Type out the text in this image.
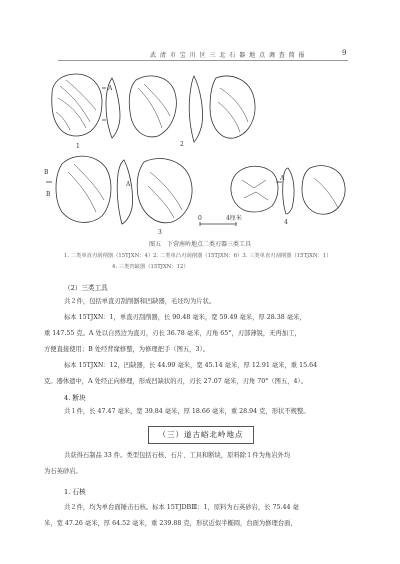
武 清 市 宝 川 区 三 北 石 器 地 点 调 查 简 报	9
A
B
A
1	2
3
4
B
A
0	4厘米
图五　下营南岭地点二类刃器三类工具
1. 二类单直刃刮削器（15TJXN：4）2. 二类单凸刃刮削器（15TJXN：6）3. 三类单直刃刮削器（15TJXN：1）
4. 三类凹缺器（15TJXN：12）
（2）三类工具
共２件，包括单直刃刮削器和凹缺器，毛坯均为片状。
标本 15TJXN：1，单直刃刮削器，长 90.48 毫米，宽 59.49 毫米，厚 28.38 毫米，
重 147.55 克。A 处以自然边为直刃，刃长 36.78 毫米，刃角 65°，刃部薄锐，无再加工，
方便直接使用；B 处经背缘修整，为修理把手（图五，3）。
标本 15TJXN：12，凹缺器，长 44.99 毫米，宽 45.14 毫米，厚 12.91 毫米，重 15.64
克。器体遗中，A 处经正向修理，形成凹缺状的刃，刃长 27.07 毫米，刃角 70°（图五，4）。
4. 断块
共１件，长 47.47 毫米，宽 39.84 毫米，厚 18.66 毫米，重 28.94 克，形状不规整。
（三）道古峪北岭地点
共获得石制品 33 件。类型包括石核、石片、工具和断块，原料除１件为角岩外均
为石英砂岩。
1. 石核
共２件，均为单台面锤击石核。标本 15TJDBⅢ：1，原料为石英砂岩，长 75.44 毫
米，宽 47.26 毫米，厚 64.52 毫米，重 239.88 克，形状近似半椭圆，台面为修理台面，
